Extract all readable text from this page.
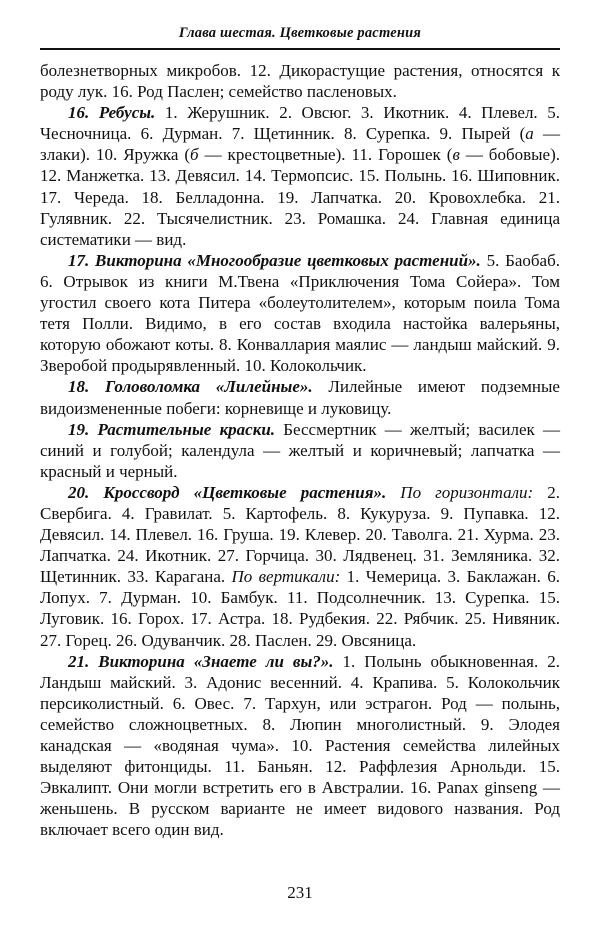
Глава шестая. Цветковые растения

болезнетворных микробов. 12. Дикорастущие растения, относятся к роду лук. 16. Род Паслен; семейство пасленовых.

16. Ребусы. 1. Жерушник. 2. Овсюг. 3. Икотник. 4. Плевел. 5. Чесночница. 6. Дурман. 7. Щетинник. 8. Сурепка. 9. Пырей (а — злаки). 10. Яружка (б — крестоцветные). 11. Горошек (в — бобовые). 12. Манжетка. 13. Девясил. 14. Термопсис. 15. Полынь. 16. Шиповник. 17. Череда. 18. Белладонна. 19. Лапчатка. 20. Кровохлебка. 21. Гулявник. 22. Тысячелистник. 23. Ромашка. 24. Главная единица систематики — вид.

17. Викторина «Многообразие цветковых растений». 5. Баобаб. 6. Отрывок из книги М.Твена «Приключения Тома Сойера». Том угостил своего кота Питера «болеутолителем», которым поила Тома тетя Полли. Видимо, в его состав входила настойка валерьяны, которую обожают коты. 8. Конваллария маялис — ландыш майский. 9. Зверобой продырявленный. 10. Колокольчик.

18. Головоломка «Лилейные». Лилейные имеют подземные видоизмененные побеги: корневище и луковицу.

19. Растительные краски. Бессмертник — желтый; василек — синий и голубой; календула — желтый и коричневый; лапчатка — красный и черный.

20. Кроссворд «Цветковые растения». По горизонтали: 2. Свербига. 4. Гравилат. 5. Картофель. 8. Кукуруза. 9. Пупавка. 12. Девясил. 14. Плевел. 16. Груша. 19. Клевер. 20. Таволга. 21. Хурма. 23. Лапчатка. 24. Икотник. 27. Горчица. 30. Лядвенец. 31. Земляника. 32. Щетинник. 33. Карагана. По вертикали: 1. Чемерица. 3. Баклажан. 6. Лопух. 7. Дурман. 10. Бамбук. 11. Подсолнечник. 13. Сурепка. 15. Луговик. 16. Горох. 17. Астра. 18. Рудбекия. 22. Рябчик. 25. Нивяник. 27. Горец. 26. Одуванчик. 28. Паслен. 29. Овсяница.

21. Викторина «Знаете ли вы?». 1. Полынь обыкновенная. 2. Ландыш майский. 3. Адонис весенний. 4. Крапива. 5. Колокольчик персиколистный. 6. Овес. 7. Тархун, или эстрагон. Род — полынь, семейство сложноцветных. 8. Люпин многолистный. 9. Элодея канадская — «водяная чума». 10. Растения семейства лилейных выделяют фитонциды. 11. Баньян. 12. Раффлезия Арнольди. 15. Эвкалипт. Они могли встретить его в Австралии. 16. Panax ginseng — женьшень. В русском варианте не имеет видового названия. Род включает всего один вид.

231
